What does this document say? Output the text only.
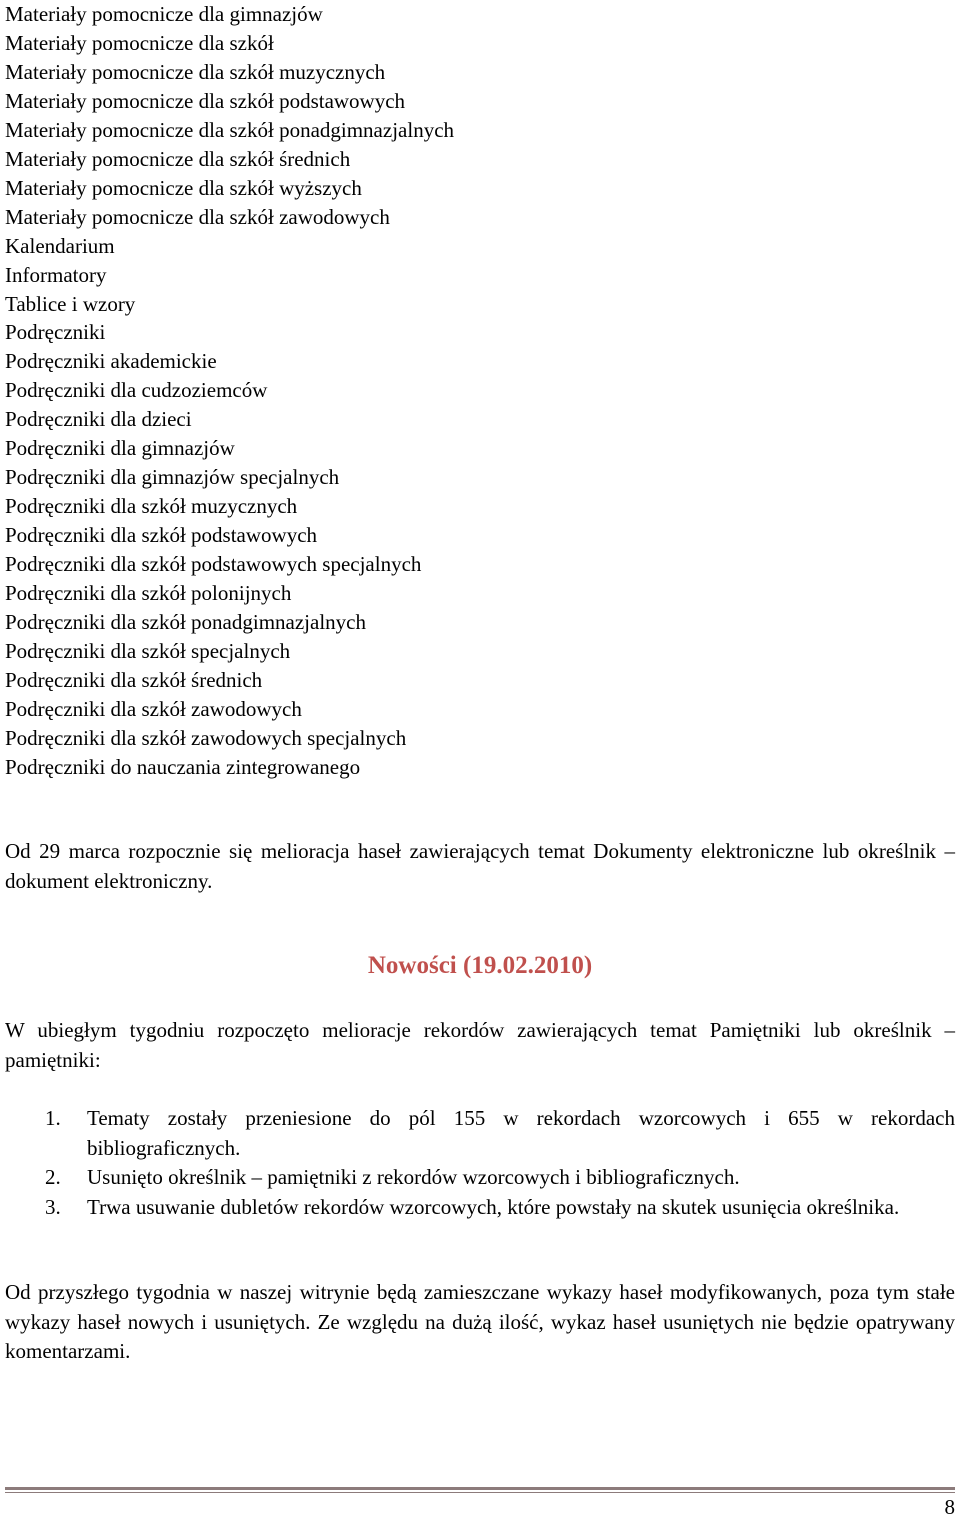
Materiały pomocnicze dla gimnazjów
Materiały pomocnicze dla szkół
Materiały pomocnicze dla szkół muzycznych
Materiały pomocnicze dla szkół podstawowych
Materiały pomocnicze dla szkół ponadgimnazjalnych
Materiały pomocnicze dla szkół średnich
Materiały pomocnicze dla szkół wyższych
Materiały pomocnicze dla szkół zawodowych
Kalendarium
Informatory
Tablice i wzory
Podręczniki
Podręczniki akademickie
Podręczniki dla cudzoziemców
Podręczniki dla dzieci
Podręczniki dla gimnazjów
Podręczniki dla gimnazjów specjalnych
Podręczniki dla szkół muzycznych
Podręczniki dla szkół podstawowych
Podręczniki dla szkół podstawowych specjalnych
Podręczniki dla szkół polonijnych
Podręczniki dla szkół ponadgimnazjalnych
Podręczniki dla szkół specjalnych
Podręczniki dla szkół średnich
Podręczniki dla szkół zawodowych
Podręczniki dla szkół zawodowych specjalnych
Podręczniki do nauczania zintegrowanego

Od 29 marca rozpocznie się melioracja haseł zawierających temat Dokumenty elektroniczne lub określnik – dokument elektroniczny.

Nowości (19.02.2010)

W ubiegłym tygodniu rozpoczęto melioracje rekordów zawierających temat Pamiętniki lub określnik – pamiętniki:

1. Tematy zostały przeniesione do pól 155 w rekordach wzorcowych i 655 w rekordach bibliograficznych.
2. Usunięto określnik – pamiętniki z rekordów wzorcowych i bibliograficznych.
3. Trwa usuwanie dubletów rekordów wzorcowych, które powstały na skutek usunięcia określnika.

Od przyszłego tygodnia w naszej witrynie będą zamieszczane wykazy haseł modyfikowanych, poza tym stałe wykazy haseł nowych i usuniętych. Ze względu na dużą ilość, wykaz haseł usuniętych nie będzie opatrywany komentarzami.

8
